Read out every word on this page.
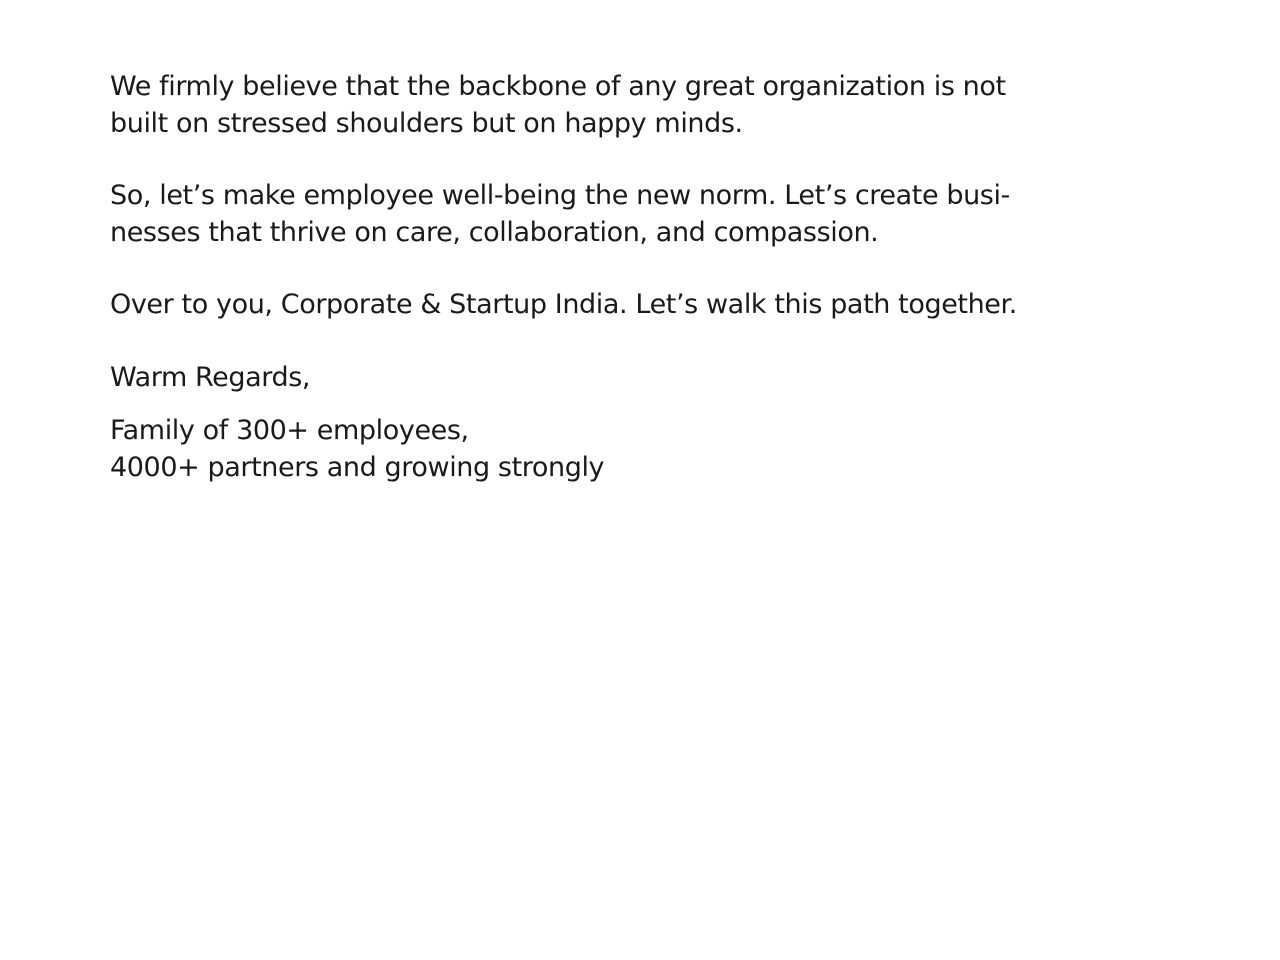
We firmly believe that the backbone of any great organization is not
built on stressed shoulders but on happy minds.

So, let’s make employee well-being the new norm. Let’s create busi-
nesses that thrive on care, collaboration, and compassion.

Over to you, Corporate & Startup India. Let’s walk this path together.

Warm Regards,

Family of 300+ employees,
4000+ partners and growing strongly
